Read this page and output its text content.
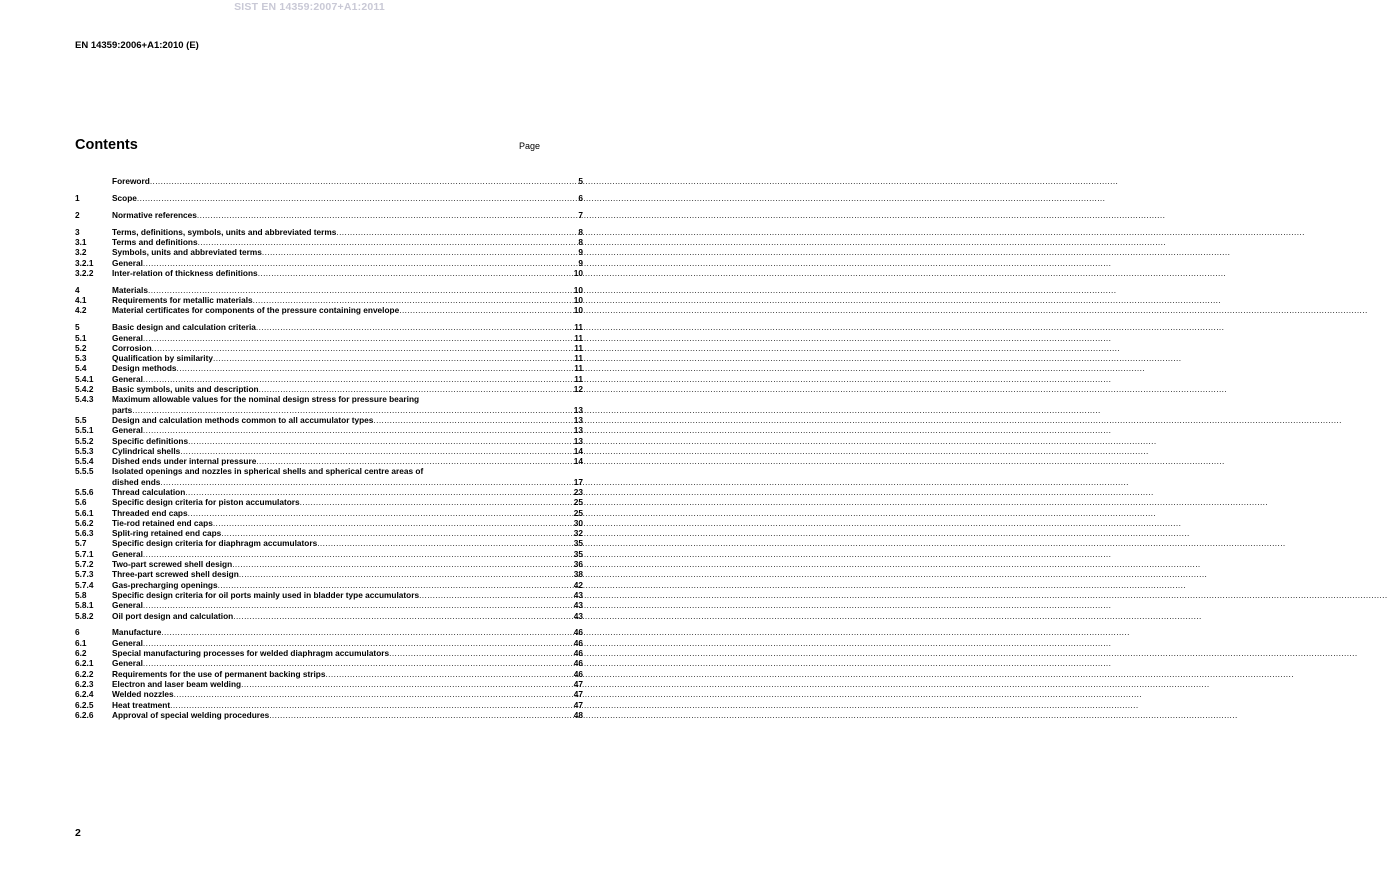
SIST EN 14359:2007+A1:2011
EN 14359:2006+A1:2010 (E)
Contents	Page
Foreword .....	5
1	Scope .....	6
2	Normative references .....	7
3	Terms, definitions, symbols, units and abbreviated terms .....	8
3.1	Terms and definitions .....	8
3.2	Symbols, units and abbreviated terms .....	9
3.2.1	General .....	9
3.2.2	Inter-relation of thickness definitions .....	10
4	Materials .....	10
4.1	Requirements for metallic materials .....	10
4.2	Material certificates for components of the pressure containing envelope .....	10
5	Basic design and calculation criteria .....	11
5.1	General .....	11
5.2	Corrosion .....	11
5.3	Qualification by similarity .....	11
5.4	Design methods .....	11
5.4.1	General .....	11
5.4.2	Basic symbols, units and description .....	12
5.4.3	Maximum allowable values for the nominal design stress for pressure bearing
parts .....	13
5.5	Design and calculation methods common to all accumulator types .....	13
5.5.1	General .....	13
5.5.2	Specific definitions .....	13
5.5.3	Cylindrical shells .....	14
5.5.4	Dished ends under internal pressure .....	14
5.5.5	Isolated openings and nozzles in spherical shells and spherical centre areas of
dished ends .....	17
5.5.6	Thread calculation .....	23
5.6	Specific design criteria for piston accumulators .....	25
5.6.1	Threaded end caps .....	25
5.6.2	Tie-rod retained end caps .....	30
5.6.3	Split-ring retained end caps .....	32
5.7	Specific design criteria for diaphragm accumulators .....	35
5.7.1	General .....	35
5.7.2	Two-part screwed shell design .....	36
5.7.3	Three-part screwed shell design .....	38
5.7.4	Gas-precharging openings .....	42
5.8	Specific design criteria for oil ports mainly used in bladder type accumulators .....	43
5.8.1	General .....	43
5.8.2	Oil port design and calculation .....	43
6	Manufacture .....	46
6.1	General .....	46
6.2	Special manufacturing processes for welded diaphragm accumulators .....	46
6.2.1	General .....	46
6.2.2	Requirements for the use of permanent backing strips .....	46
6.2.3	Electron and laser beam welding .....	47
6.2.4	Welded nozzles .....	47
6.2.5	Heat treatment .....	47
6.2.6	Approval of special welding procedures .....	48
2
